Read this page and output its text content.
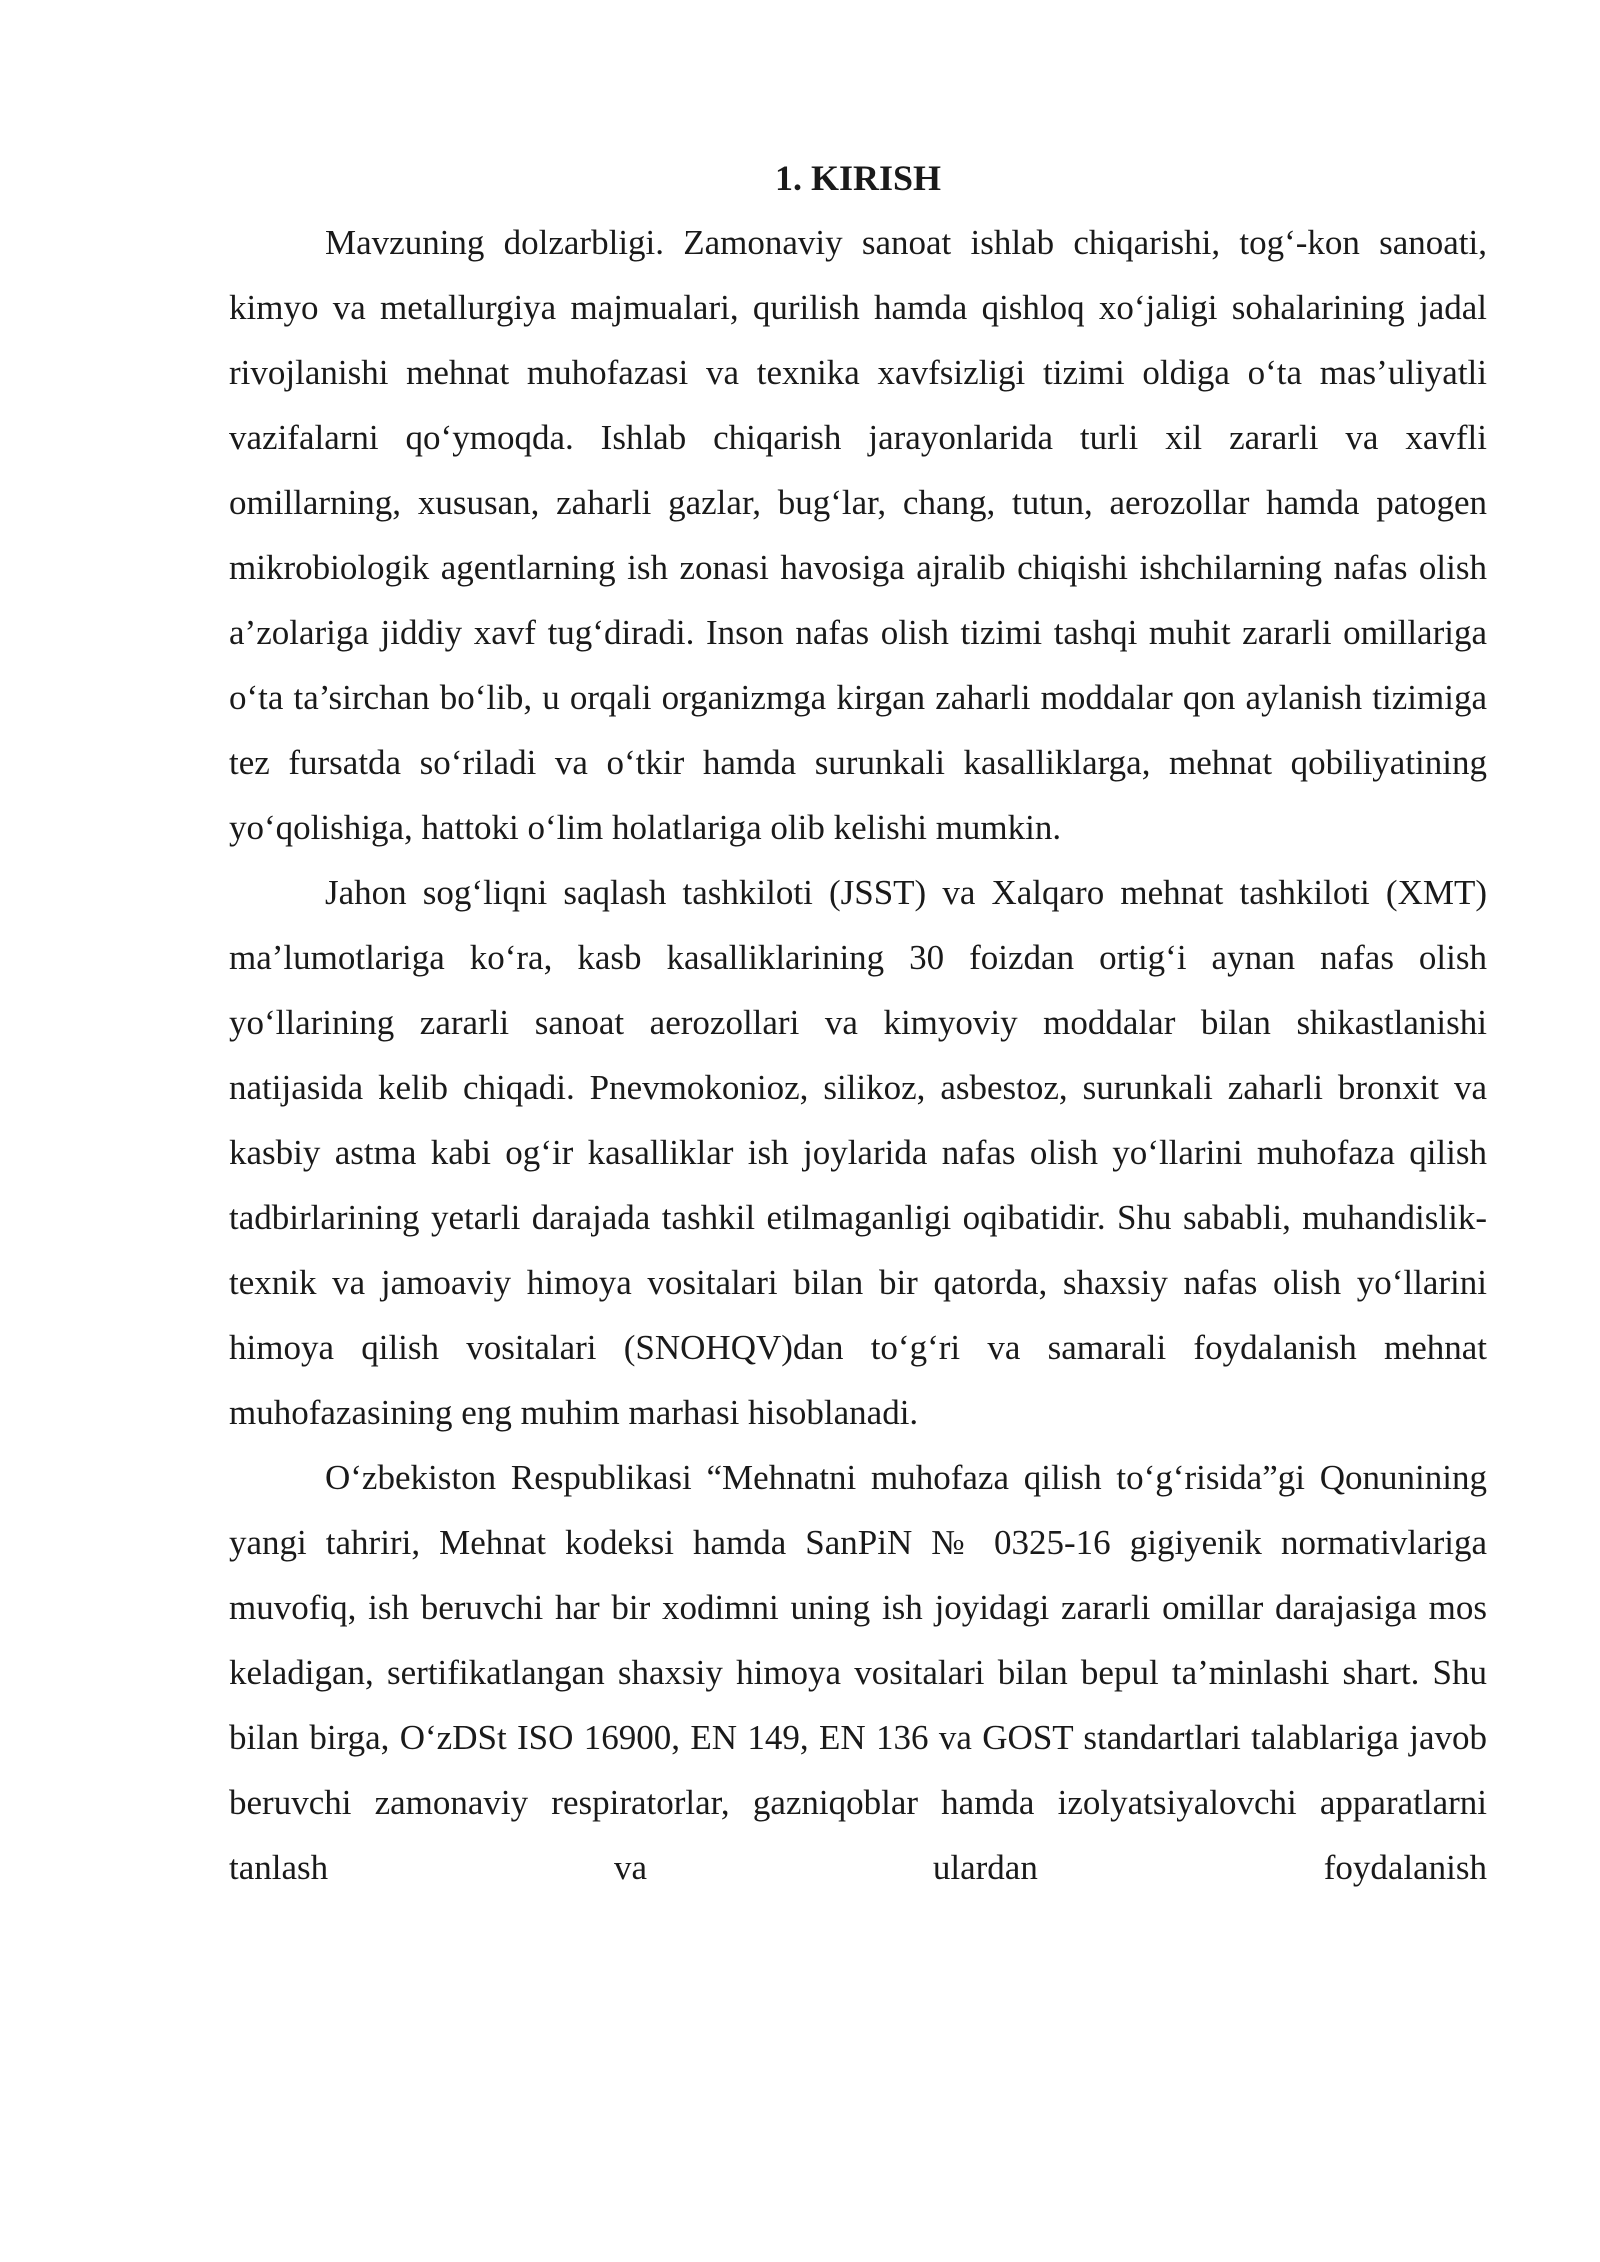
1. KIRISH

Mavzuning dolzarbligi. Zamonaviy sanoat ishlab chiqarishi, tog‘-kon sanoati, kimyo va metallurgiya majmualari, qurilish hamda qishloq xo‘jaligi sohalarining jadal rivojlanishi mehnat muhofazasi va texnika xavfsizligi tizimi oldiga o‘ta mas’uliyatli vazifalarni qo‘ymoqda. Ishlab chiqarish jarayonlarida turli xil zararli va xavfli omillarning, xususan, zaharli gazlar, bug‘lar, chang, tutun, aerozollar hamda patogen mikrobiologik agentlarning ish zonasi havosiga ajralib chiqishi ishchilarning nafas olish a’zolariga jiddiy xavf tug‘diradi. Inson nafas olish tizimi tashqi muhit zararli omillariga o‘ta ta’sirchan bo‘lib, u orqali organizmga kirgan zaharli moddalar qon aylanish tizimiga tez fursatda so‘riladi va o‘tkir hamda surunkali kasalliklarga, mehnat qobiliyatining yo‘qolishiga, hattoki o‘lim holatlariga olib kelishi mumkin.

Jahon sog‘liqni saqlash tashkiloti (JSST) va Xalqaro mehnat tashkiloti (XMT) ma’lumotlariga ko‘ra, kasb kasalliklarining 30 foizdan ortig‘i aynan nafas olish yo‘llarining zararli sanoat aerozollari va kimyoviy moddalar bilan shikastlanishi natijasida kelib chiqadi. Pnevmokonioz, silikoz, asbestoz, surunkali zaharli bronxit va kasbiy astma kabi og‘ir kasalliklar ish joylarida nafas olish yo‘llarini muhofaza qilish tadbirlarining yetarli darajada tashkil etilmaganligi oqibatidir. Shu sababli, muhandislik-texnik va jamoaviy himoya vositalari bilan bir qatorda, shaxsiy nafas olish yo‘llarini himoya qilish vositalari (SNOHQV)dan to‘g‘ri va samarali foydalanish mehnat muhofazasining eng muhim marhasi hisoblanadi.

O‘zbekiston Respublikasi “Mehnatni muhofaza qilish to‘g‘risida”gi Qonunining yangi tahriri, Mehnat kodeksi hamda SanPiN № 0325-16 gigiyenik normativlariga muvofiq, ish beruvchi har bir xodimni uning ish joyidagi zararli omillar darajasiga mos keladigan, sertifikatlangan shaxsiy himoya vositalari bilan bepul ta’minlashi shart. Shu bilan birga, O‘zDSt ISO 16900, EN 149, EN 136 va GOST standartlari talablariga javob beruvchi zamonaviy respiratorlar, gazniqoblar hamda izolyatsiyalovchi apparatlarni tanlash va ulardan foydalanish
